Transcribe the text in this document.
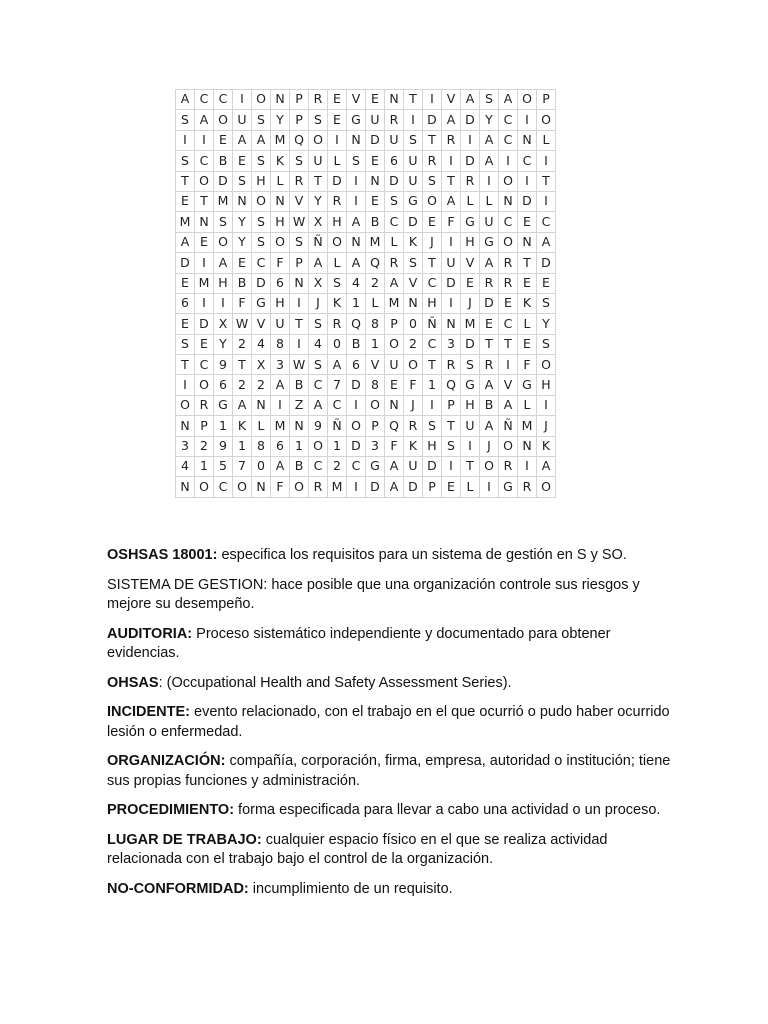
A	C	C	I	O	N	P	R	E	V	E	N	T	I	V	A	S	A	O	P
S	A	O	U	S	Y	P	S	E	G	U	R	I	D	A	D	Y	C	I	O
I	I	E	A	A	M	Q	O	I	N	D	U	S	T	R	I	A	C	N	L
S	C	B	E	S	K	S	U	L	S	E	6	U	R	I	D	A	I	C	I
T	O	D	S	H	L	R	T	D	I	N	D	U	S	T	R	I	O	I	T
E	T	M	N	O	N	V	Y	R	I	E	S	G	O	A	L	L	N	D	I
M	N	S	Y	S	H	W	X	H	A	B	C	D	E	F	G	U	C	E	C
A	E	O	Y	S	O	S	Ñ	O	N	M	L	K	J	I	H	G	O	N	A
D	I	A	E	C	F	P	A	L	A	Q	R	S	T	U	V	A	R	T	D
E	M	H	B	D	6	N	X	S	4	2	A	V	C	D	E	R	R	E	E
6	I	I	F	G	H	I	J	K	1	L	M	N	H	I	J	D	E	K	S
E	D	X	W	V	U	T	S	R	Q	8	P	0	Ñ	N	M	E	C	L	Y
S	E	Y	2	4	8	I	4	0	B	1	O	2	C	3	D	T	T	E	S
T	C	9	T	X	3	W	S	A	6	V	U	O	T	R	S	R	I	F	O
I	O	6	2	2	A	B	C	7	D	8	E	F	1	Q	G	A	V	G	H
O	R	G	A	N	I	Z	A	C	I	O	N	J	I	P	H	B	A	L	I
N	P	1	K	L	M	N	9	Ñ	O	P	Q	R	S	T	U	A	Ñ	M	J
3	2	9	1	8	6	1	O	1	D	3	F	K	H	S	I	J	O	N	K
4	1	5	7	0	A	B	C	2	C	G	A	U	D	I	T	O	R	I	A
N	O	C	O	N	F	O	R	M	I	D	A	D	P	E	L	I	G	R	O

OSHSAS 18001: especifica los requisitos para un sistema de gestión en S y SO.

SISTEMA DE GESTION: hace posible que una organización controle sus riesgos y mejore su desempeño.

AUDITORIA: Proceso sistemático independiente y documentado para obtener evidencias.

OHSAS: (Occupational Health and Safety Assessment Series).

INCIDENTE: evento relacionado, con el trabajo en el que ocurrió o pudo haber ocurrido lesión o enfermedad.

ORGANIZACIÓN: compañía, corporación, firma, empresa, autoridad o institución; tiene sus propias funciones y administración.

PROCEDIMIENTO: forma especificada para llevar a cabo una actividad o un proceso.

LUGAR DE TRABAJO: cualquier espacio físico en el que se realiza actividad relacionada con el trabajo bajo el control de la organización.

NO-CONFORMIDAD: incumplimiento de un requisito.
